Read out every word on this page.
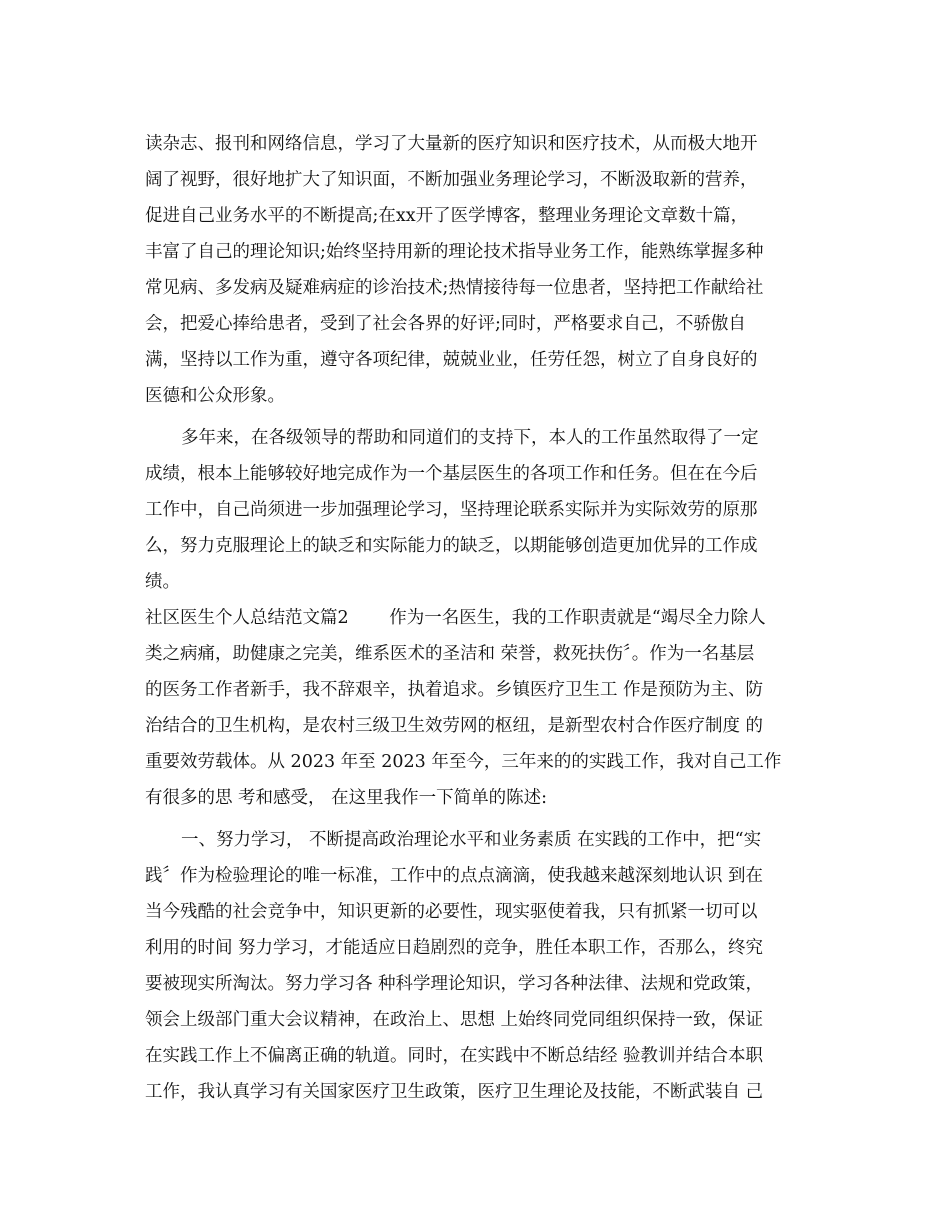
读杂志、报刊和网络信息，学习了大量新的医疗知识和医疗技术，从而极大地开

阔了视野，很好地扩大了知识面，不断加强业务理论学习，不断汲取新的营养，

促进自己业务水平的不断提高;在xx开了医学博客，整理业务理论文章数十篇，

丰富了自己的理论知识;始终坚持用新的理论技术指导业务工作，能熟练掌握多种

常见病、多发病及疑难病症的诊治技术;热情接待每一位患者，坚持把工作献给社

会，把爱心捧给患者，受到了社会各界的好评;同时，严格要求自己，不骄傲自

满，坚持以工作为重，遵守各项纪律，兢兢业业，任劳任怨，树立了自身良好的

医德和公众形象。

多年来，在各级领导的帮助和同道们的支持下，本人的工作虽然取得了一定

成绩，根本上能够较好地完成作为一个基层医生的各项工作和任务。但在在今后

工作中，自己尚须进一步加强理论学习，坚持理论联系实际并为实际效劳的原那

么，努力克服理论上的缺乏和实际能力的缺乏，以期能够创造更加优异的工作成

绩。

社区医生个人总结范文篇2　　 作为一名医生，我的工作职责就是“竭尽全力除人

类之病痛，助健康之完美，维系医术的圣洁和 荣誉，救死扶伤〞。作为一名基层

的医务工作者新手，我不辞艰辛，执着追求。乡镇医疗卫生工 作是预防为主、防

治结合的卫生机构，是农村三级卫生效劳网的枢纽，是新型农村合作医疗制度 的

重要效劳载体。从 2023 年至 2023 年至今，三年来的的实践工作，我对自己工作

有很多的思 考和感受， 在这里我作一下简单的陈述:

一、努力学习， 不断提高政治理论水平和业务素质 在实践的工作中，把“实

践〞作为检验理论的唯一标准，工作中的点点滴滴，使我越来越深刻地认识 到在

当今残酷的社会竞争中，知识更新的必要性，现实驱使着我，只有抓紧一切可以

利用的时间 努力学习，才能适应日趋剧烈的竞争，胜任本职工作，否那么，终究

要被现实所淘汰。努力学习各 种科学理论知识，学习各种法律、法规和党政策，

领会上级部门重大会议精神，在政治上、思想 上始终同党同组织保持一致，保证

在实践工作上不偏离正确的轨道。同时，在实践中不断总结经 验教训并结合本职

工作，我认真学习有关国家医疗卫生政策，医疗卫生理论及技能，不断武装自 己
